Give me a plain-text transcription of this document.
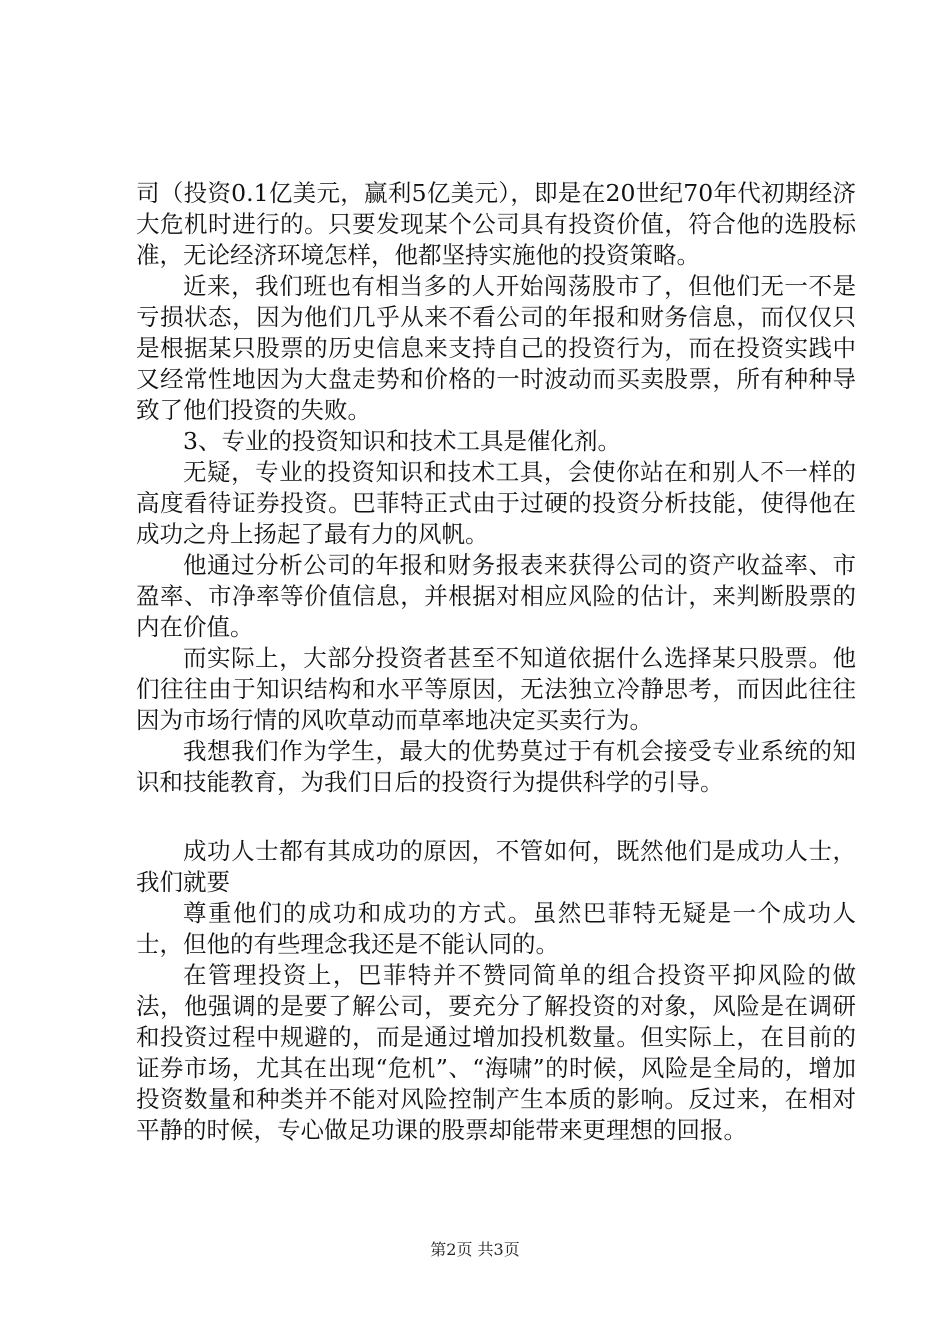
司（投资0.1亿美元，赢利5亿美元），即是在20世纪70年代初期经济大危机时进行的。只要发现某个公司具有投资价值，符合他的选股标准，无论经济环境怎样，他都坚持实施他的投资策略。

近来，我们班也有相当多的人开始闯荡股市了，但他们无一不是亏损状态，因为他们几乎从来不看公司的年报和财务信息，而仅仅只是根据某只股票的历史信息来支持自己的投资行为，而在投资实践中又经常性地因为大盘走势和价格的一时波动而买卖股票，所有种种导致了他们投资的失败。

3、专业的投资知识和技术工具是催化剂。

无疑，专业的投资知识和技术工具，会使你站在和别人不一样的高度看待证券投资。巴菲特正式由于过硬的投资分析技能，使得他在成功之舟上扬起了最有力的风帆。

他通过分析公司的年报和财务报表来获得公司的资产收益率、市盈率、市净率等价值信息，并根据对相应风险的估计，来判断股票的内在价值。

而实际上，大部分投资者甚至不知道依据什么选择某只股票。他们往往由于知识结构和水平等原因，无法独立冷静思考，而因此往往因为市场行情的风吹草动而草率地决定买卖行为。

我想我们作为学生，最大的优势莫过于有机会接受专业系统的知识和技能教育，为我们日后的投资行为提供科学的引导。

成功人士都有其成功的原因，不管如何，既然他们是成功人士，我们就要

尊重他们的成功和成功的方式。虽然巴菲特无疑是一个成功人士，但他的有些理念我还是不能认同的。

在管理投资上，巴菲特并不赞同简单的组合投资平抑风险的做法，他强调的是要了解公司，要充分了解投资的对象，风险是在调研和投资过程中规避的，而是通过增加投机数量。但实际上，在目前的证券市场，尤其在出现“危机”、“海啸”的时候，风险是全局的，增加投资数量和种类并不能对风险控制产生本质的影响。反过来，在相对平静的时候，专心做足功课的股票却能带来更理想的回报。

第2页 共3页
